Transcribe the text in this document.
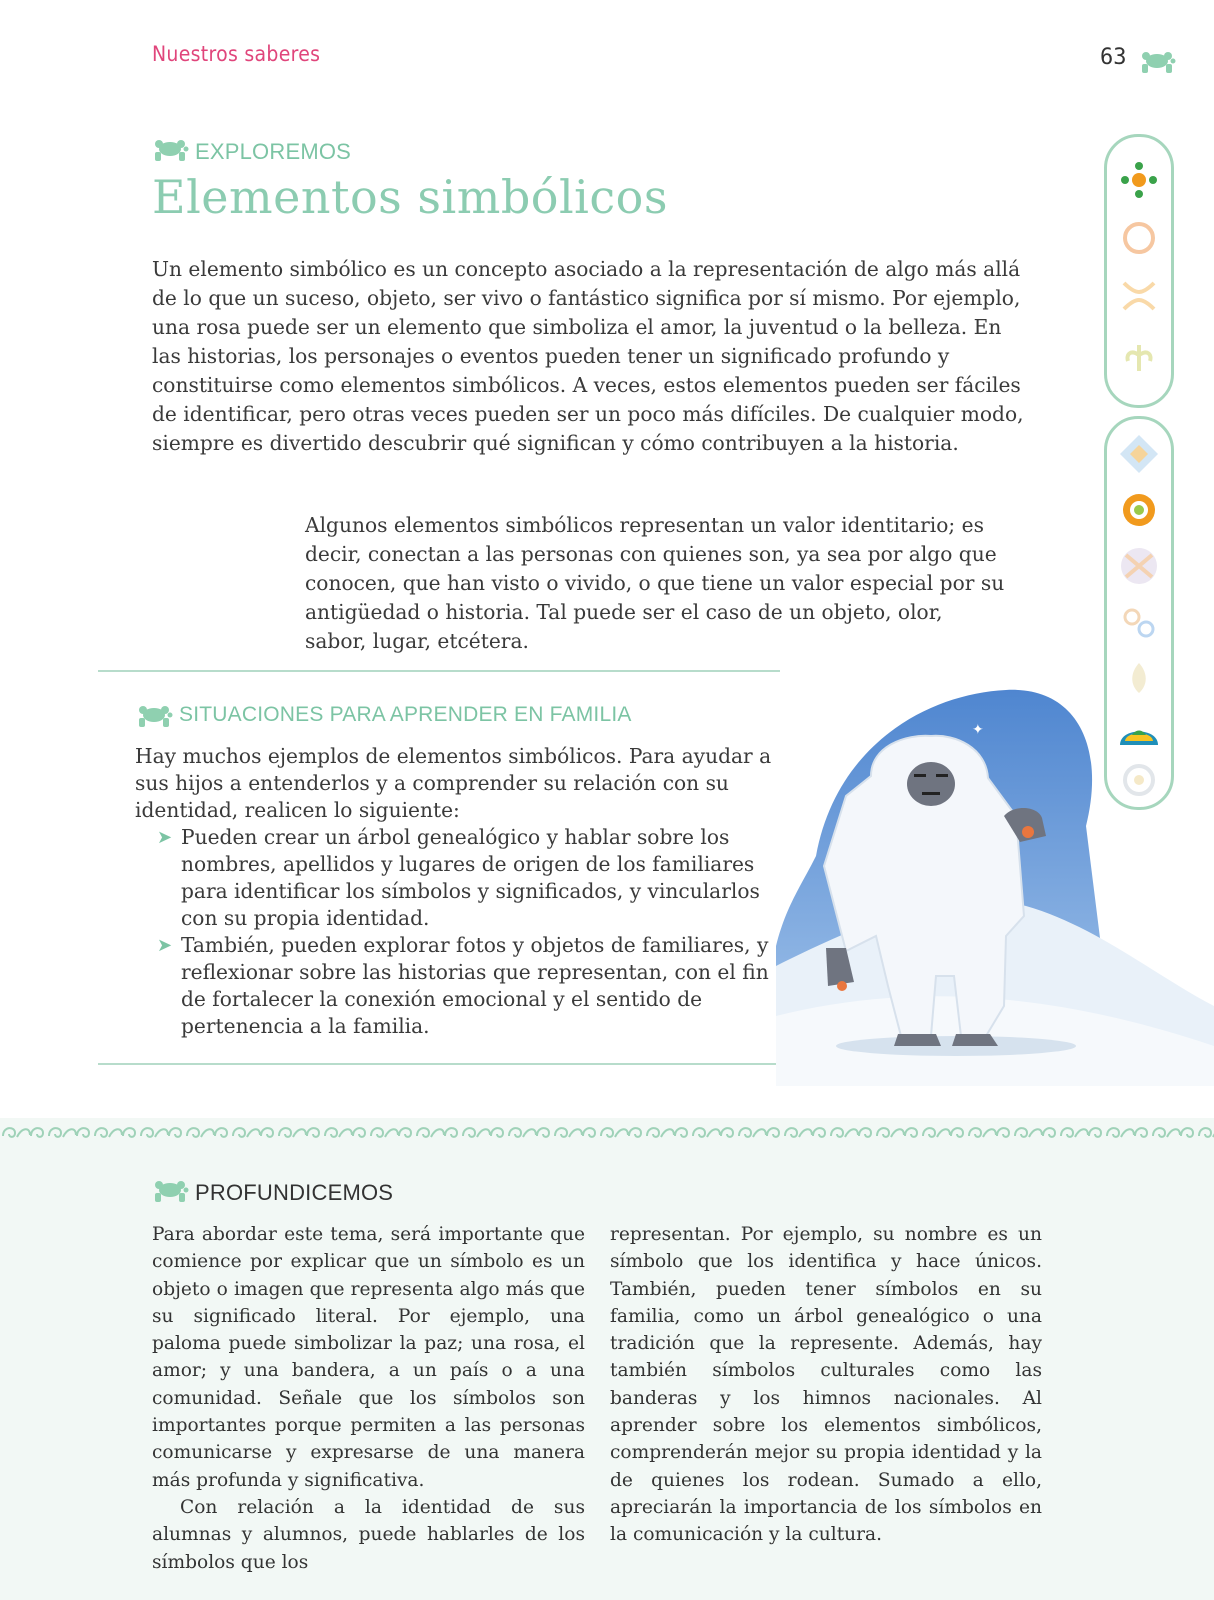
Nuestros saberes	63
EXPLOREMOS
Elementos simbólicos
Un elemento simbólico es un concepto asociado a la representación de algo más allá de lo que un suceso, objeto, ser vivo o fantástico significa por sí mismo. Por ejemplo, una rosa puede ser un elemento que simboliza el amor, la juventud o la belleza. En las historias, los personajes o eventos pueden tener un significado profundo y constituirse como elementos simbólicos. A veces, estos elementos pueden ser fáciles de identificar, pero otras veces pueden ser un poco más difíciles. De cualquier modo, siempre es divertido descubrir qué significan y cómo contribuyen a la historia.
Algunos elementos simbólicos representan un valor identitario; es decir, conectan a las personas con quienes son, ya sea por algo que conocen, que han visto o vivido, o que tiene un valor especial por su antigüedad o historia. Tal puede ser el caso de un objeto, olor, sabor, lugar, etcétera.
SITUACIONES PARA APRENDER EN FAMILIA
Hay muchos ejemplos de elementos simbólicos. Para ayudar a sus hijos a entenderlos y a comprender su relación con su identidad, realicen lo siguiente:
➤ Pueden crear un árbol genealógico y hablar sobre los nombres, apellidos y lugares de origen de los familiares para identificar los símbolos y significados, y vincularlos con su propia identidad.
➤ También, pueden explorar fotos y objetos de familiares, y reflexionar sobre las historias que representan, con el fin de fortalecer la conexión emocional y el sentido de pertenencia a la familia.
✦
PROFUNDICEMOS

Para abordar este tema, será importante que comience por explicar que un símbolo es un objeto o imagen que representa algo más que su significado literal. Por ejemplo, una paloma puede simbolizar la paz; una rosa, el amor; y una bandera, a un país o a una comunidad. Señale que los símbolos son importantes porque permiten a las personas comunicarse y expresarse de una manera más profunda y significativa.

Con relación a la identidad de sus alumnas y alumnos, puede hablarles de los símbolos que los

representan. Por ejemplo, su nombre es un símbolo que los identifica y hace únicos. También, pueden tener símbolos en su familia, como un árbol genealógico o una tradición que la represente. Además, hay también símbolos culturales como las banderas y los himnos nacionales. Al aprender sobre los elementos simbólicos, comprenderán mejor su propia identidad y la de quienes los rodean. Sumado a ello, apreciarán la importancia de los símbolos en la comunicación y la cultura.
